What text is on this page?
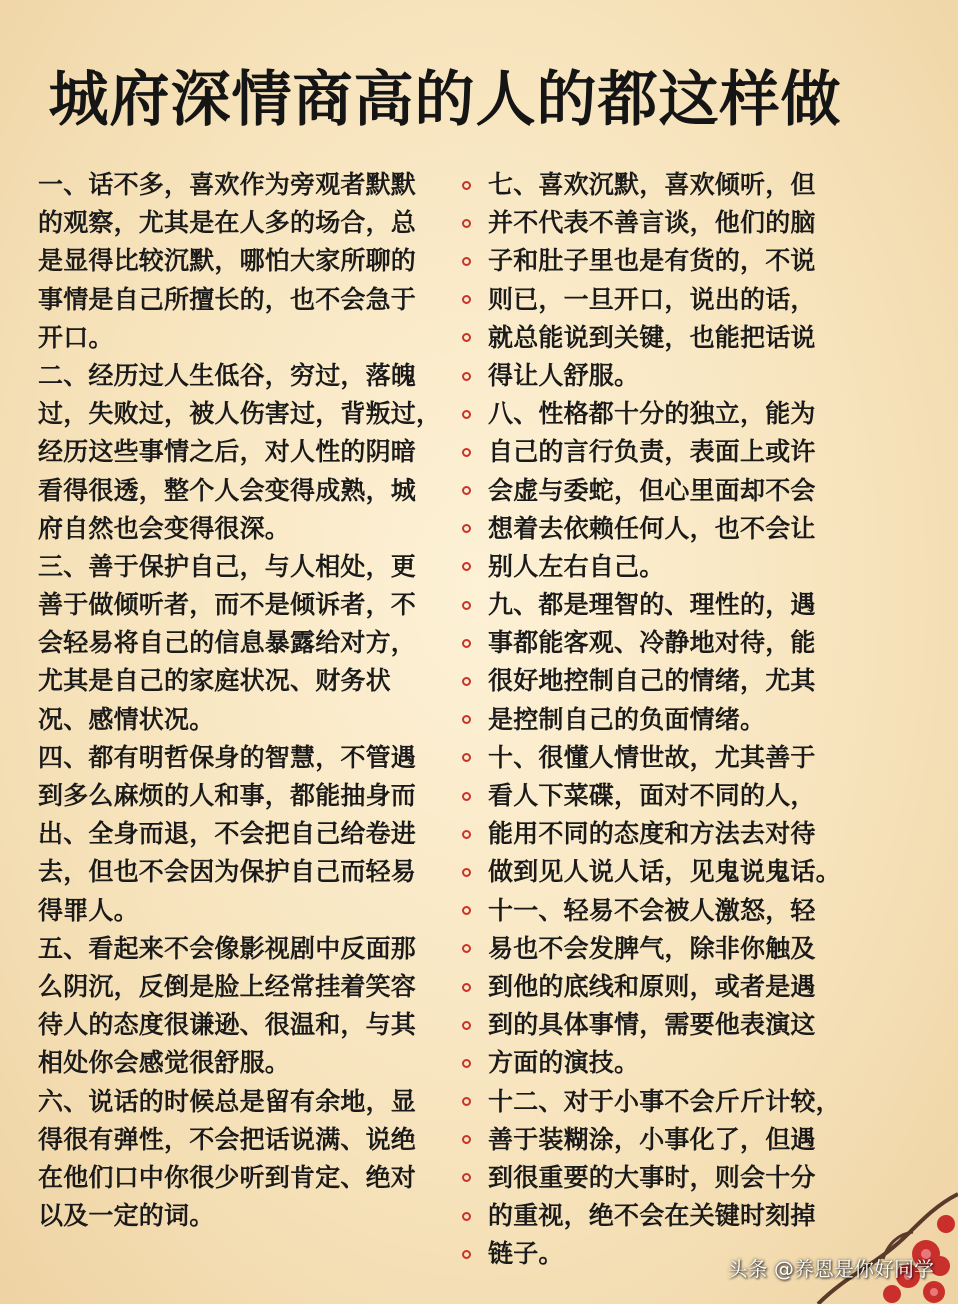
城府深情商高的人的都这样做
一、话不多，喜欢作为旁观者默默
的观察，尤其是在人多的场合，总
是显得比较沉默，哪怕大家所聊的
事情是自己所擅长的，也不会急于
开口。
二、经历过人生低谷，穷过，落魄
过，失败过，被人伤害过，背叛过，
经历这些事情之后，对人性的阴暗
看得很透，整个人会变得成熟，城
府自然也会变得很深。
三、善于保护自己，与人相处，更
善于做倾听者，而不是倾诉者，不
会轻易将自己的信息暴露给对方，
尤其是自己的家庭状况、财务状
况、感情状况。
四、都有明哲保身的智慧，不管遇
到多么麻烦的人和事，都能抽身而
出、全身而退，不会把自己给卷进
去，但也不会因为保护自己而轻易
得罪人。
五、看起来不会像影视剧中反面那
么阴沉，反倒是脸上经常挂着笑容
待人的态度很谦逊、很温和，与其
相处你会感觉很舒服。
六、说话的时候总是留有余地，显
得很有弹性，不会把话说满、说绝
在他们口中你很少听到肯定、绝对
以及一定的词。
七、喜欢沉默，喜欢倾听，但
并不代表不善言谈，他们的脑
子和肚子里也是有货的，不说
则已，一旦开口，说出的话，
就总能说到关键，也能把话说
得让人舒服。
八、性格都十分的独立，能为
自己的言行负责，表面上或许
会虚与委蛇，但心里面却不会
想着去依赖任何人，也不会让
别人左右自己。
九、都是理智的、理性的，遇
事都能客观、冷静地对待，能
很好地控制自己的情绪，尤其
是控制自己的负面情绪。
十、很懂人情世故，尤其善于
看人下菜碟，面对不同的人，
能用不同的态度和方法去对待
做到见人说人话，见鬼说鬼话。
十一、轻易不会被人激怒，轻
易也不会发脾气，除非你触及
到他的底线和原则，或者是遇
到的具体事情，需要他表演这
方面的演技。
十二、对于小事不会斤斤计较，
善于装糊涂，小事化了，但遇
到很重要的大事时，则会十分
的重视，绝不会在关键时刻掉
链子。
头条 @养恩是你好同学
